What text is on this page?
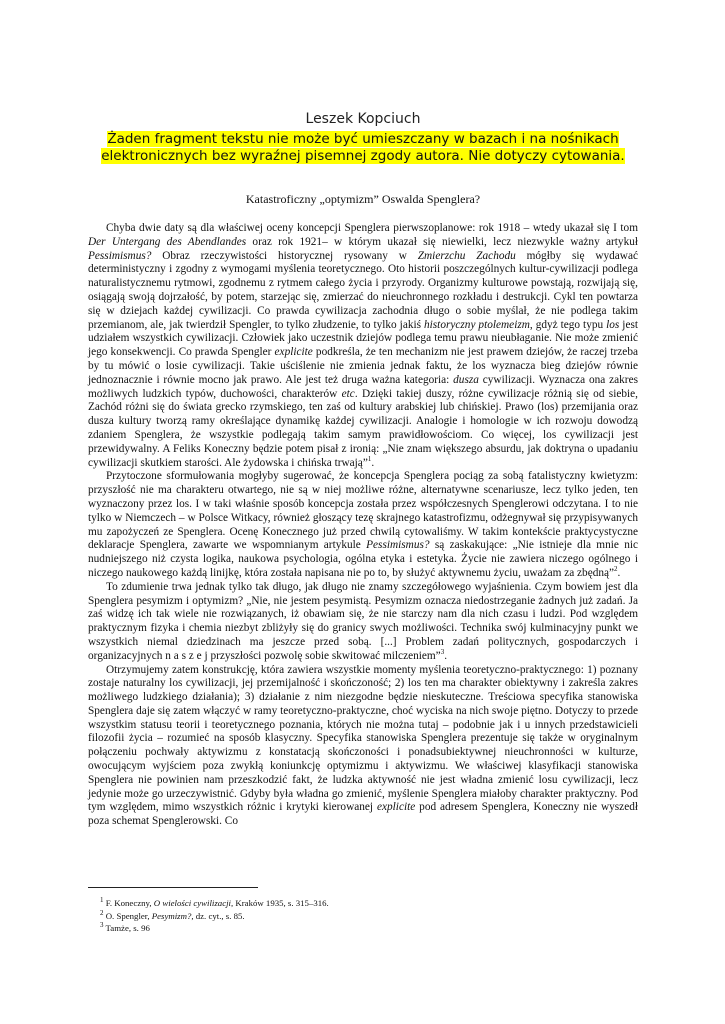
Leszek Kopciuch
Żaden fragment tekstu nie może być umieszczany w bazach i na nośnikach elektronicznych bez wyraźnej pisemnej zgody autora. Nie dotyczy cytowania.
Katastroficzny „optymizm” Oswalda Spenglera?

Chyba dwie daty są dla właściwej oceny koncepcji Spenglera pierwszoplanowe: rok 1918 – wtedy ukazał się I tom Der Untergang des Abendlandes oraz rok 1921– w którym ukazał się niewielki, lecz niezwykle ważny artykuł Pessimismus? Obraz rzeczywistości historycznej rysowany w Zmierzchu Zachodu mógłby się wydawać deterministyczny i zgodny z wymogami myślenia teoretycznego. Oto historii poszczególnych kultur-cywilizacji podlega naturalistycznemu rytmowi, zgodnemu z rytmem całego życia i przyrody. Organizmy kulturowe powstają, rozwijają się, osiągają swoją dojrzałość, by potem, starzejąc się, zmierzać do nieuchronnego rozkładu i destrukcji. Cykl ten powtarza się w dziejach każdej cywilizacji. Co prawda cywilizacja zachodnia długo o sobie myślał, że nie podlega takim przemianom, ale, jak twierdził Spengler, to tylko złudzenie, to tylko jakiś historyczny ptolemeizm, gdyż tego typu los jest udziałem wszystkich cywilizacji. Człowiek jako uczestnik dziejów podlega temu prawu nieubłaganie. Nie może zmienić jego konsekwencji. Co prawda Spengler explicite podkreśla, że ten mechanizm nie jest prawem dziejów, że raczej trzeba by tu mówić o losie cywilizacji. Takie uściślenie nie zmienia jednak faktu, że los wyznacza bieg dziejów równie jednoznacznie i równie mocno jak prawo. Ale jest też druga ważna kategoria: dusza cywilizacji. Wyznacza ona zakres możliwych ludzkich typów, duchowości, charakterów etc. Dzięki takiej duszy, różne cywilizacje różnią się od siebie, Zachód różni się do świata grecko rzymskiego, ten zaś od kultury arabskiej lub chińskiej. Prawo (los) przemijania oraz dusza kultury tworzą ramy określające dynamikę każdej cywilizacji. Analogie i homologie w ich rozwoju dowodzą zdaniem Spenglera, że wszystkie podlegają takim samym prawidłowościom. Co więcej, los cywilizacji jest przewidywalny. A Feliks Koneczny będzie potem pisał z ironią: „Nie znam większego absurdu, jak doktryna o upadaniu cywilizacji skutkiem starości. Ale żydowska i chińska trwają”$^1$.

Przytoczone sformułowania mogłyby sugerować, że koncepcja Spenglera pociąg za sobą fatalistyczny kwietyzm: przyszłość nie ma charakteru otwartego, nie są w niej możliwe różne, alternatywne scenariusze, lecz tylko jeden, ten wyznaczony przez los. I w taki właśnie sposób koncepcja została przez współczesnych Spenglerowi odczytana. I to nie tylko w Niemczech – w Polsce Witkacy, również głoszący tezę skrajnego katastrofizmu, odżegnywał się przypisywanych mu zapożyczeń ze Spenglera. Ocenę Konecznego już przed chwilą cytowaliśmy. W takim kontekście praktycystyczne deklaracje Spenglera, zawarte we wspomnianym artykule Pessimismus? są zaskakujące: „Nie istnieje dla mnie nic nudniejszego niż czysta logika, naukowa psychologia, ogólna etyka i estetyka. Życie nie zawiera niczego ogólnego i niczego naukowego każdą linijkę, która została napisana nie po to, by służyć aktywnemu życiu, uważam za zbędną”$^2$.

To zdumienie trwa jednak tylko tak długo, jak długo nie znamy szczegółowego wyjaśnienia. Czym bowiem jest dla Spenglera pesymizm i optymizm? „Nie, nie jestem pesymistą. Pesymizm oznacza niedostrzeganie żadnych już zadań. Ja zaś widzę ich tak wiele nie rozwiązanych, iż obawiam się, że nie starczy nam dla nich czasu i ludzi. Pod względem praktycznym fizyka i chemia niezbyt zbliżyły się do granicy swych możliwości. Technika swój kulminacyjny punkt we wszystkich niemal dziedzinach ma jeszcze przed sobą. [...] Problem zadań politycznych, gospodarczych i organizacyjnych n a s z e j przyszłości pozwolę sobie skwitować milczeniem”$^3$.

Otrzymujemy zatem konstrukcję, która zawiera wszystkie momenty myślenia teoretyczno-praktycznego: 1) poznany zostaje naturalny los cywilizacji, jej przemijalność i skończoność; 2) los ten ma charakter obiektywny i zakreśla zakres możliwego ludzkiego działania); 3) działanie z nim niezgodne będzie nieskuteczne. Treściowa specyfika stanowiska Spenglera daje się zatem włączyć w ramy teoretyczno-praktyczne, choć wyciska na nich swoje piętno. Dotyczy to przede wszystkim statusu teorii i teoretycznego poznania, których nie można tutaj – podobnie jak i u innych przedstawicieli filozofii życia – rozumieć na sposób klasyczny. Specyfika stanowiska Spenglera prezentuje się także w oryginalnym połączeniu pochwały aktywizmu z konstatacją skończoności i ponadsubiektywnej nieuchronności w kulturze, owocującym wyjściem poza zwykłą koniunkcję optymizmu i aktywizmu. We właściwej klasyfikacji stanowiska Spenglera nie powinien nam przeszkodzić fakt, że ludzka aktywność nie jest władna zmienić losu cywilizacji, lecz jedynie może go urzeczywistnić. Gdyby była władna go zmienić, myślenie Spenglera miałoby charakter praktyczny. Pod tym względem, mimo wszystkich różnic i krytyki kierowanej explicite pod adresem Spenglera, Koneczny nie wyszedł poza schemat Spenglerowski. Co

$^1$ F. Koneczny, O wielości cywilizacji, Kraków 1935, s. 315–316.
$^2$ O. Spengler, Pesymizm?, dz. cyt., s. 85.
$^3$ Tamże, s. 96
